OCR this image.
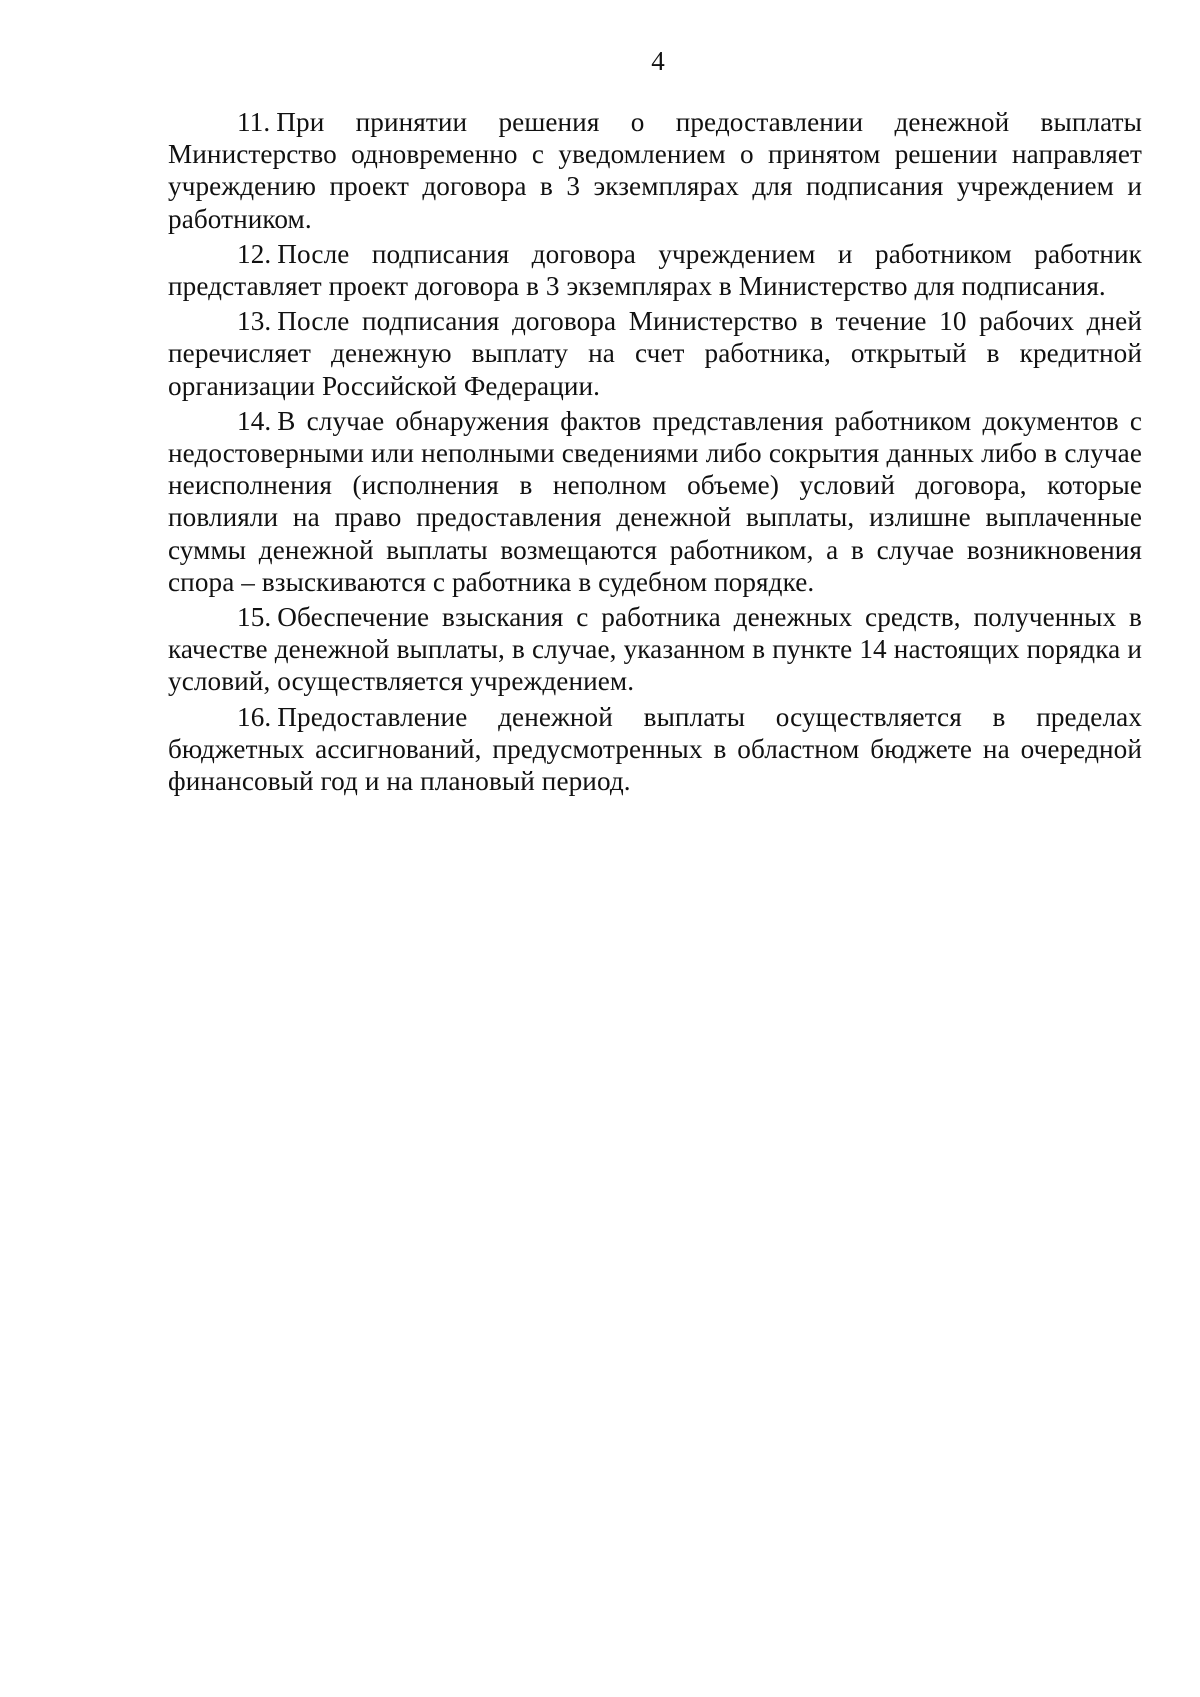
4

11. При принятии решения о предоставлении денежной выплаты Министерство одновременно с уведомлением о принятом решении направляет учреждению проект договора в 3 экземплярах для подписания учреждением и работником.

12. После подписания договора учреждением и работником работник представляет проект договора в 3 экземплярах в Министерство для подписания.

13. После подписания договора Министерство в течение 10 рабочих дней перечисляет денежную выплату на счет работника, открытый в кредитной организации Российской Федерации.

14. В случае обнаружения фактов представления работником документов с недостоверными или неполными сведениями либо сокрытия данных либо в случае неисполнения (исполнения в неполном объеме) условий договора, которые повлияли на право предоставления денежной выплаты, излишне выплаченные суммы денежной выплаты возмещаются работником, а в случае возникновения спора – взыскиваются с работника в судебном порядке.

15. Обеспечение взыскания с работника денежных средств, полученных в качестве денежной выплаты, в случае, указанном в пункте 14 настоящих порядка и условий, осуществляется учреждением.

16. Предоставление денежной выплаты осуществляется в пределах бюджетных ассигнований, предусмотренных в областном бюджете на очередной финансовый год и на плановый период.
